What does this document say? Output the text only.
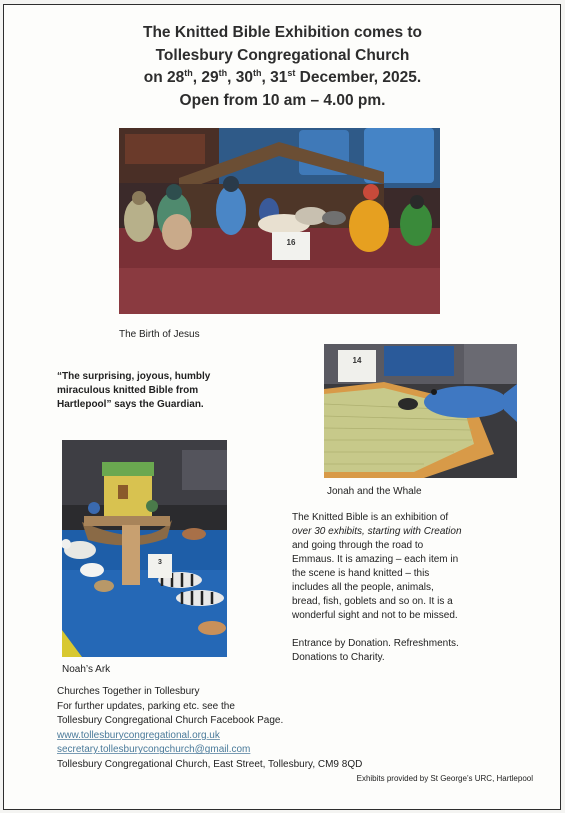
The Knitted Bible Exhibition comes to
Tollesbury Congregational Church
on 28th, 29th, 30th, 31st December, 2025.
Open from 10 am – 4.00 pm.
16
The Birth of Jesus
“The surprising, joyous, humbly
miraculous knitted Bible from
Hartlepool” says the Guardian.
14
Jonah and the Whale
3
Noah’s Ark
The Knitted Bible is an exhibition of
over 30 exhibits, starting with Creation
and going through the road to
Emmaus. It is amazing – each item in
the scene is hand knitted – this
includes all the people, animals,
bread, fish, goblets and so on. It is a
wonderful sight and not to be missed.
Entrance by Donation. Refreshments.
Donations to Charity.
Churches Together in Tollesbury
For further updates, parking etc. see the
Tollesbury Congregational Church Facebook Page.
www.tollesburycongregational.org.uk
secretary.tollesburycongchurch@gmail.com
Tollesbury Congregational Church, East Street, Tollesbury, CM9 8QD
Exhibits provided by St George’s URC, Hartlepool
